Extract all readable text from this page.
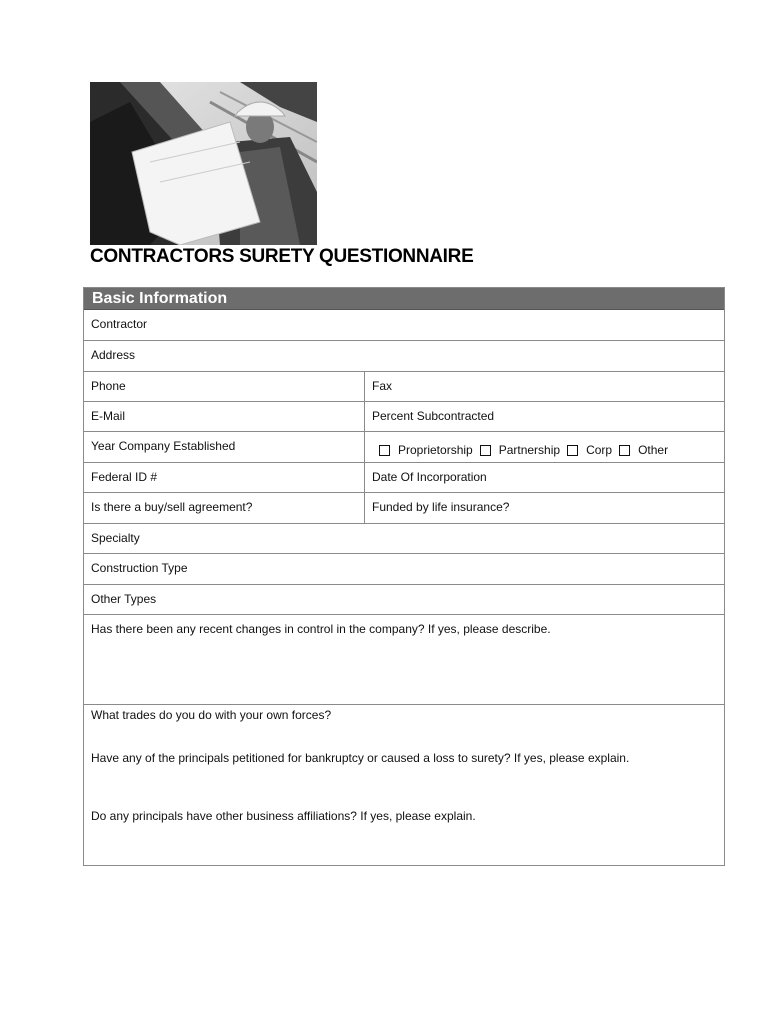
CONTRACTORS SURETY QUESTIONNAIRE
Basic Information
Contractor
Address
Phone	Fax
E-Mail	Percent Subcontracted
Year Company Established	Proprietorship Partnership Corp Other
Federal ID #	Date Of Incorporation
Is there a buy/sell agreement?	Funded by life insurance?
Specialty
Construction Type
Other Types
Has there been any recent changes in control in the company? If yes, please describe.
What trades do you do with your own forces?
Have any of the principals petitioned for bankruptcy or caused a loss to surety? If yes, please explain.
Do any principals have other business affiliations? If yes, please explain.
